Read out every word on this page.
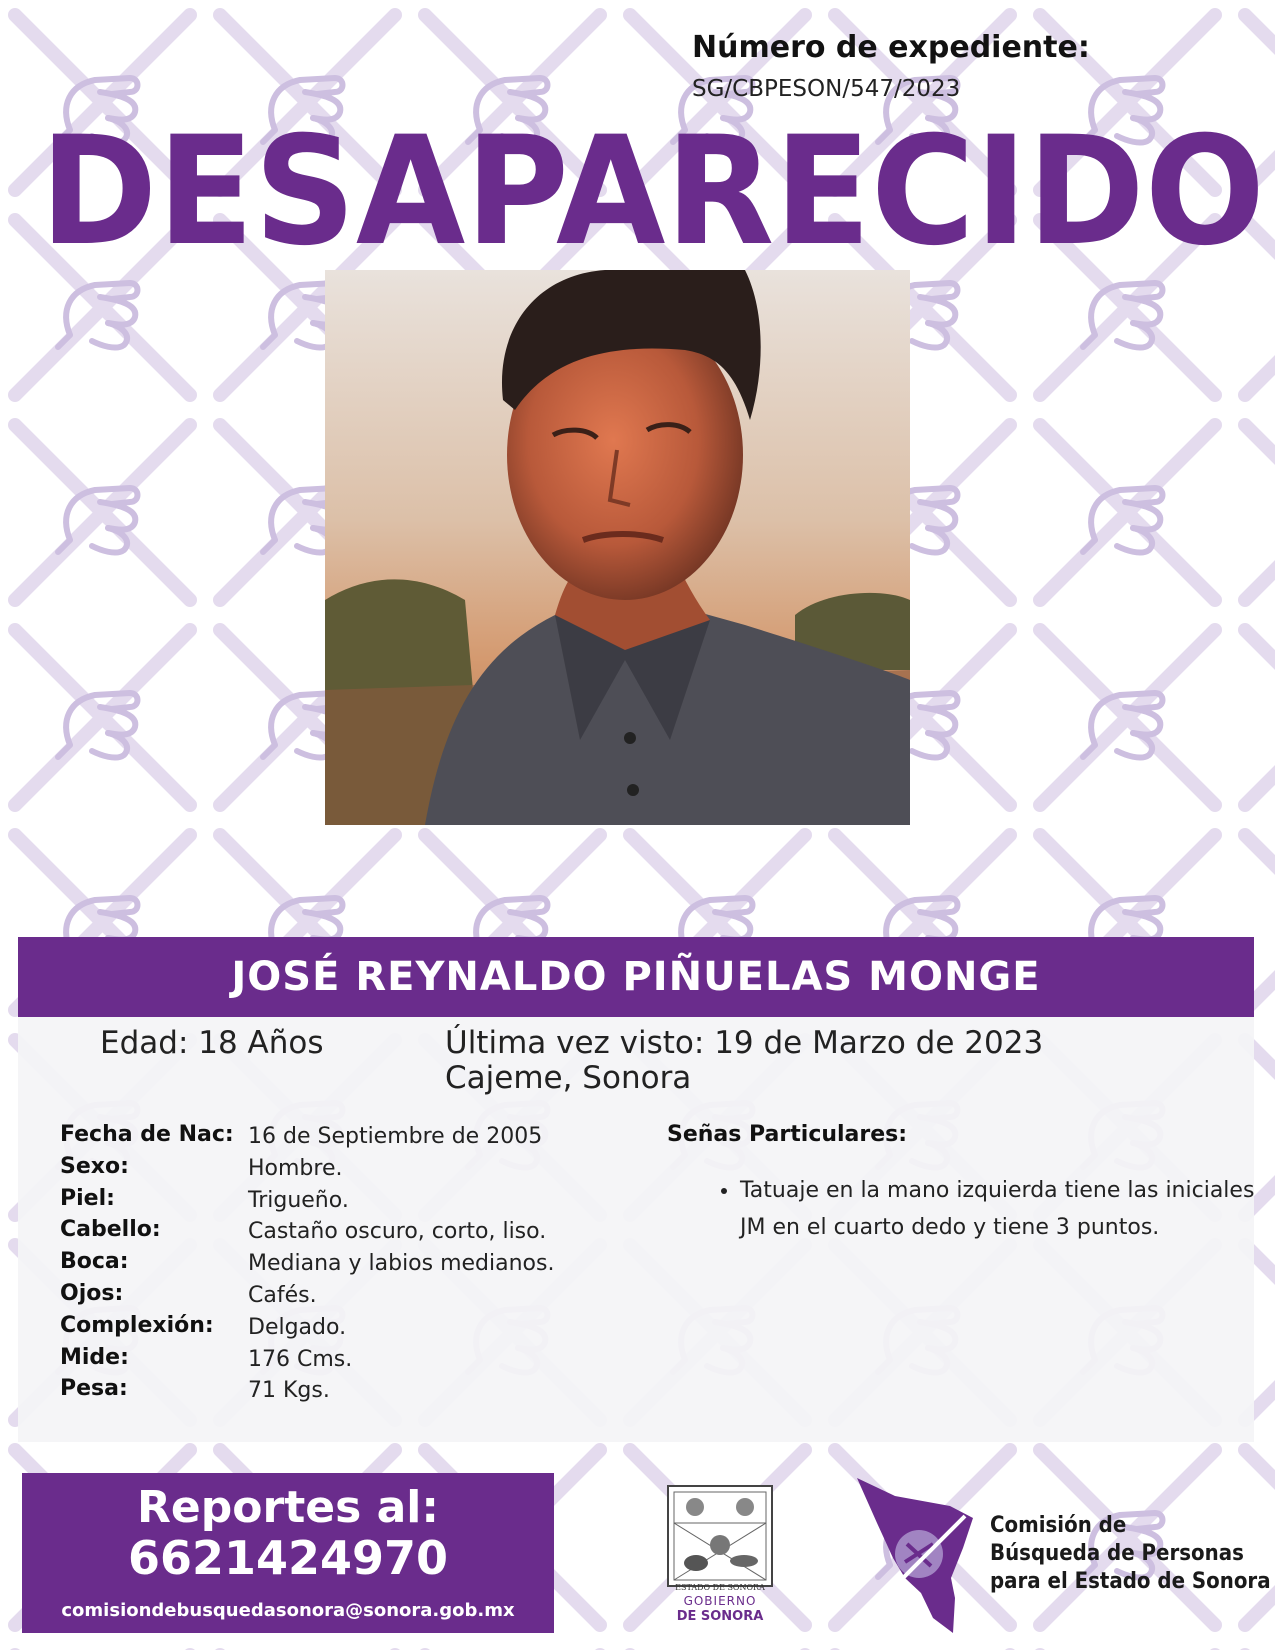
Número de expediente:
SG/CBPESON/547/2023
DESAPARECIDO
JOSÉ REYNALDO PIÑUELAS MONGE
Edad: 18 Años	Última vez visto: 19 de Marzo de 2023
Cajeme, Sonora
Fecha de Nac: 16 de Septiembre de 2005
Sexo:	Hombre.
Piel:	Trigueño.
Cabello:	Castaño oscuro, corto, liso.
Boca:	Mediana y labios medianos.
Ojos:	Cafés.
Complexión: Delgado.
Mide:	176 Cms.
Pesa:	71 Kgs.
Señas Particulares:
• Tatuaje en la mano izquierda tiene las iniciales JM en el cuarto dedo y tiene 3 puntos.
Reportes al:
6621424970
comisiondebusquedasonora@sonora.gob.mx
ESTADO DE SONORA
GOBIERNO
DE SONORA
Comisión de
Búsqueda de Personas
para el Estado de Sonora
